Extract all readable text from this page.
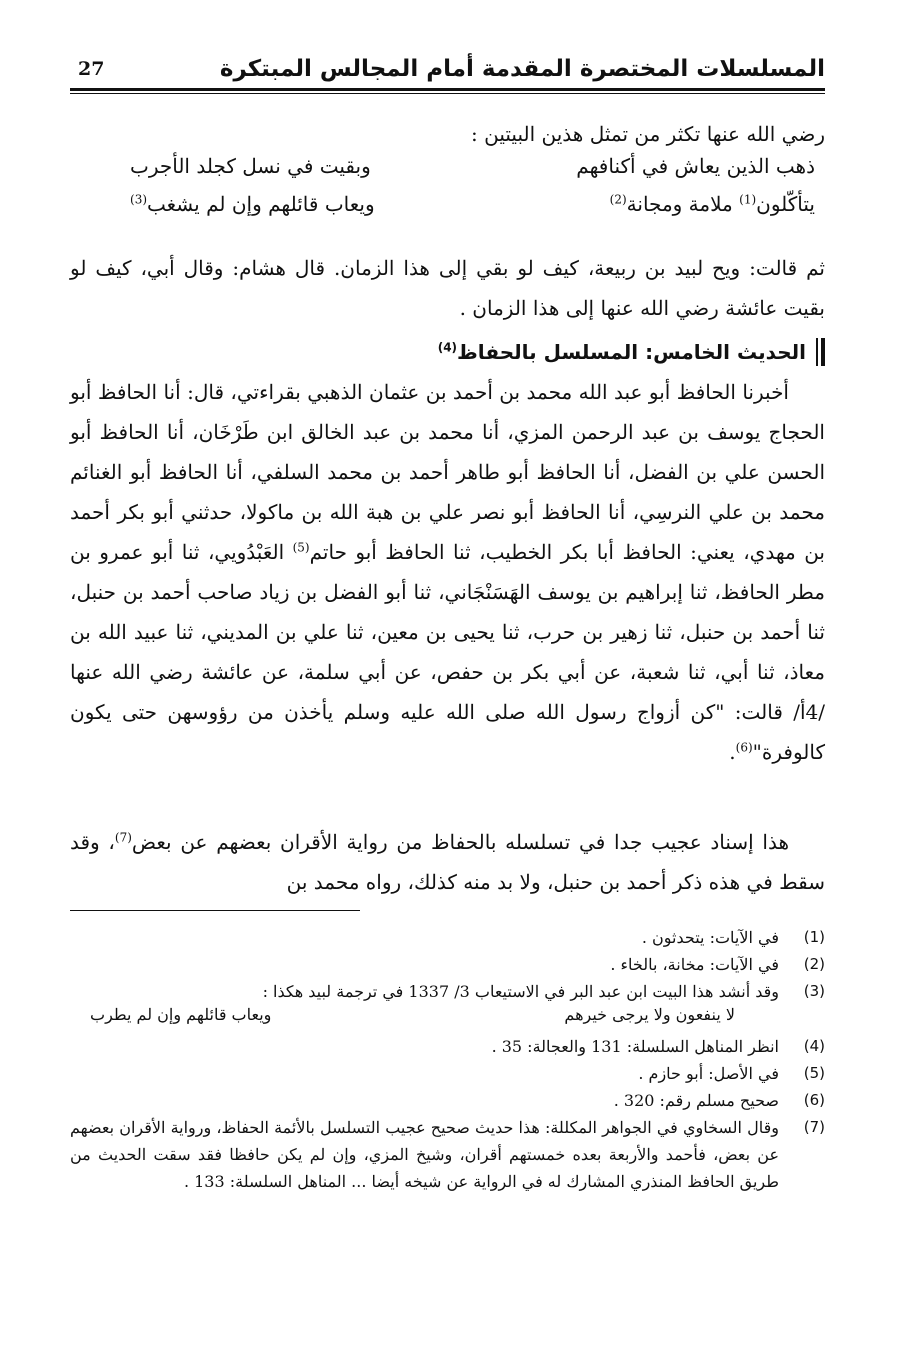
المسلسلات المختصرة المقدمة أمام المجالس المبتكرة
27

رضي الله عنها تكثر من تمثل هذين البيتين :

ذهب الذين يعاش في أكنافهم
وبقيت في نسل كجلد الأجرب
يتأكّلون$^{(1)}$ ملامة ومجانة$^{(2)}$
ويعاب قائلهم وإن لم يشغب$^{(3)}$

ثم قالت: ويح لبيد بن ربيعة، كيف لو بقي إلى هذا الزمان. قال هشام: وقال أبي، كيف لو بقيت عائشة رضي الله عنها إلى هذا الزمان .

الحديث الخامس: المسلسل بالحفاظ$^{(4)}$

أخبرنا الحافظ أبو عبد الله محمد بن أحمد بن عثمان الذهبي بقراءتي، قال: أنا الحافظ أبو الحجاج يوسف بن عبد الرحمن المزي، أنا محمد بن عبد الخالق ابن طَرْخَان، أنا الحافظ أبو الحسن علي بن الفضل، أنا الحافظ أبو طاهر أحمد بن محمد السلفي، أنا الحافظ أبو الغنائم محمد بن علي النرسِي، أنا الحافظ أبو نصر علي بن هبة الله بن ماكولا، حدثني أبو بكر أحمد بن مهدي، يعني: الحافظ أبا بكر الخطيب، ثنا الحافظ أبو حاتم$^{(5)}$ العَبْدُويي، ثنا أبو عمرو بن مطر الحافظ، ثنا إبراهيم بن يوسف الهَسَنْجَاني، ثنا أبو الفضل بن زياد صاحب أحمد بن حنبل، ثنا أحمد بن حنبل، ثنا زهير بن حرب، ثنا يحيى بن معين، ثنا علي بن المديني، ثنا عبيد الله بن معاذ، ثنا أبي، ثنا شعبة، عن أبي بكر بن حفص، عن أبي سلمة، عن عائشة رضي الله عنها /4أ/ قالت: "كن أزواج رسول الله صلى الله عليه وسلم يأخذن من رؤوسهن حتى يكون كالوفرة"$^{(6)}$.

هذا إسناد عجيب جدا في تسلسله بالحفاظ من رواية الأقران بعضهم عن بعض$^{(7)}$، وقد سقط في هذه ذكر أحمد بن حنبل، ولا بد منه كذلك، رواه محمد بن

(1)
في الآيات: يتحدثون .
(2)
في الآيات: مخانة، بالخاء .
(3)
وقد أنشد هذا البيت ابن عبد البر في الاستيعاب 3/ 1337 في ترجمة لبيد هكذا :
لا ينفعون ولا يرجى خيرهم
ويعاب قائلهم وإن لم يطرب
(4)
انظر المناهل السلسلة: 131 والعجالة: 35 .
(5)
في الأصل: أبو حازم .
(6)
صحيح مسلم رقم: 320 .
(7)
وقال السخاوي في الجواهر المكللة: هذا حديث صحيح عجيب التسلسل بالأئمة الحفاظ، ورواية الأقران بعضهم عن بعض، فأحمد والأربعة بعده خمستهم أقران، وشيخ المزي، وإن لم يكن حافظا فقد سقت الحديث من طريق الحافظ المنذري المشارك له في الرواية عن شيخه أيضا ... المناهل السلسلة: 133 .
